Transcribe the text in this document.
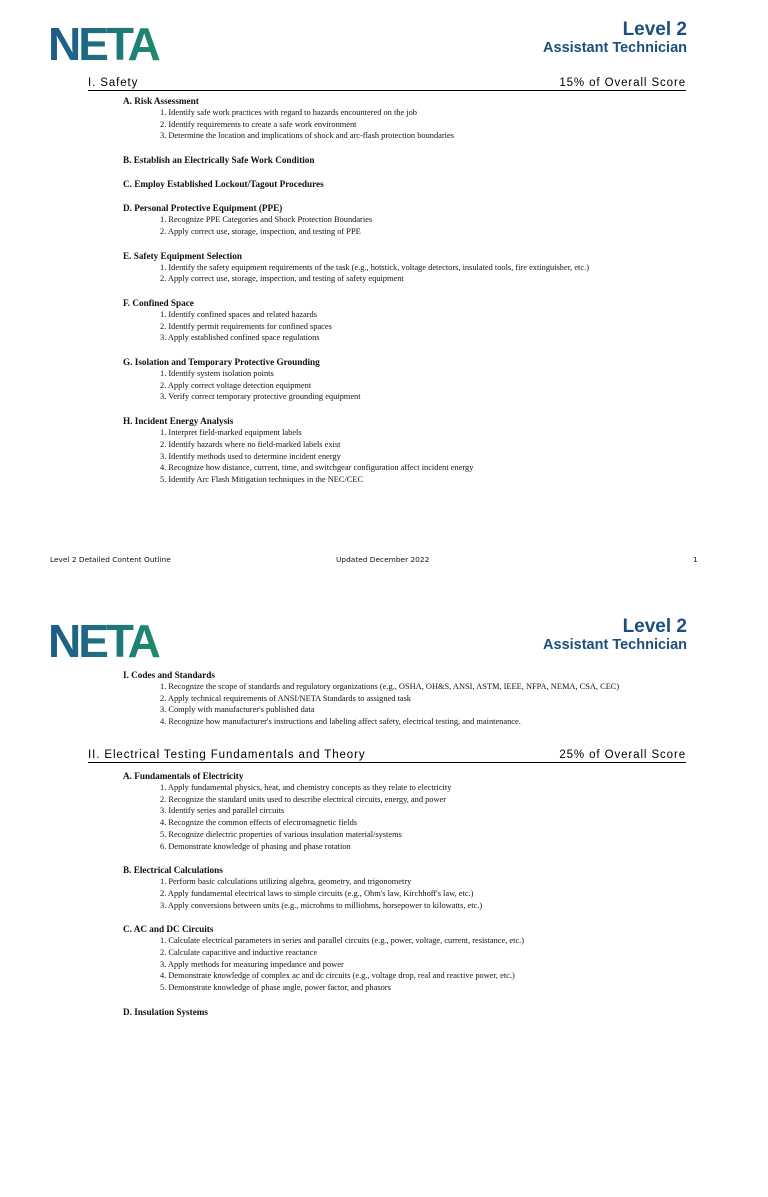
NETA	Level 2
Assistant Technician
I. Safety	15% of Overall Score
A. Risk Assessment
1. Identify safe work practices with regard to hazards encountered on the job
2. Identify requirements to create a safe work environment
3. Determine the location and implications of shock and arc-flash protection boundaries
B. Establish an Electrically Safe Work Condition
C. Employ Established Lockout/Tagout Procedures
D. Personal Protective Equipment (PPE)
1. Recognize PPE Categories and Shock Protection Boundaries
2. Apply correct use, storage, inspection, and testing of PPE
E. Safety Equipment Selection
1. Identify the safety equipment requirements of the task (e.g., hotstick, voltage detectors, insulated tools, fire extinguisher, etc.)
2. Apply correct use, storage, inspection, and testing of safety equipment
F. Confined Space
1. Identify confined spaces and related hazards
2. Identify permit requirements for confined spaces
3. Apply established confined space regulations
G. Isolation and Temporary Protective Grounding
1. Identify system isolation points
2. Apply correct voltage detection equipment
3. Verify correct temporary protective grounding equipment
H. Incident Energy Analysis
1. Interpret field-marked equipment labels
2. Identify hazards where no field-marked labels exist
3. Identify methods used to determine incident energy
4. Recognize how distance, current, time, and switchgear configuration affect incident energy
5. Identify Arc Flash Mitigation techniques in the NEC/CEC
Level 2 Detailed Content Outline	Updated December 2022	1
NETA	Level 2
Assistant Technician
I. Codes and Standards
1. Recognize the scope of standards and regulatory organizations (e.g., OSHA, OH&S, ANSI, ASTM, IEEE, NFPA, NEMA, CSA, CEC)
2. Apply technical requirements of ANSI/NETA Standards to assigned task
3. Comply with manufacturer's published data
4. Recognize how manufacturer's instructions and labeling affect safety, electrical testing, and maintenance.
II. Electrical Testing Fundamentals and Theory	25% of Overall Score
A. Fundamentals of Electricity
1. Apply fundamental physics, heat, and chemistry concepts as they relate to electricity
2. Recognize the standard units used to describe electrical circuits, energy, and power
3. Identify series and parallel circuits
4. Recognize the common effects of electromagnetic fields
5. Recognize dielectric properties of various insulation material/systems
6. Demonstrate knowledge of phasing and phase rotation
B. Electrical Calculations
1. Perform basic calculations utilizing algebra, geometry, and trigonometry
2. Apply fundamental electrical laws to simple circuits (e.g., Ohm's law, Kirchhoff's law, etc.)
3. Apply conversions between units (e.g., microhms to milliohms, horsepower to kilowatts, etc.)
C. AC and DC Circuits
1. Calculate electrical parameters in series and parallel circuits (e.g., power, voltage, current, resistance, etc.)
2. Calculate capacitive and inductive reactance
3. Apply methods for measuring impedance and power
4. Demonstrate knowledge of complex ac and dc circuits (e.g., voltage drop, real and reactive power, etc.)
5. Demonstrate knowledge of phase angle, power factor, and phasors
D. Insulation Systems
